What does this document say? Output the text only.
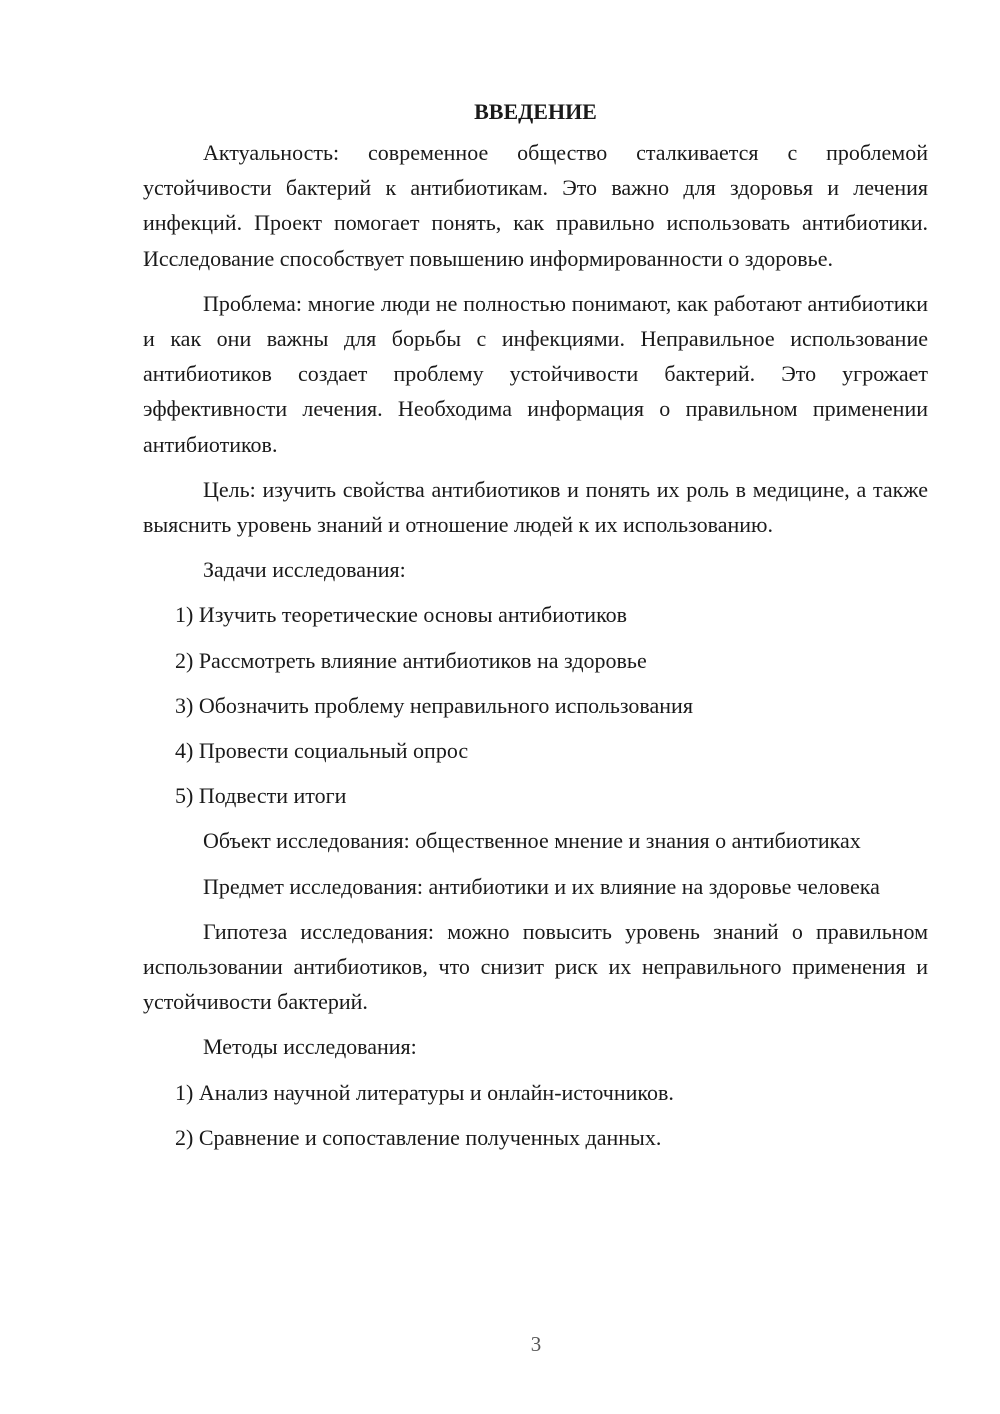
ВВЕДЕНИЕ

Актуальность: современное общество сталкивается с проблемой устойчивости бактерий к антибиотикам. Это важно для здоровья и лечения инфекций. Проект помогает понять, как правильно использовать антибиотики. Исследование способствует повышению информированности о здоровье.

Проблема: многие люди не полностью понимают, как работают антибиотики и как они важны для борьбы с инфекциями. Неправильное использование антибиотиков создает проблему устойчивости бактерий. Это угрожает эффективности лечения. Необходима информация о правильном применении антибиотиков.

Цель: изучить свойства антибиотиков и понять их роль в медицине, а также выяснить уровень знаний и отношение людей к их использованию.

Задачи исследования:

1) Изучить теоретические основы антибиотиков
2) Рассмотреть влияние антибиотиков на здоровье
3) Обозначить проблему неправильного использования
4) Провести социальный опрос
5) Подвести итоги

Объект исследования: общественное мнение и знания о антибиотиках

Предмет исследования: антибиотики и их влияние на здоровье человека

Гипотеза исследования: можно повысить уровень знаний о правильном использовании антибиотиков, что снизит риск их неправильного применения и устойчивости бактерий.

Методы исследования:

1) Анализ научной литературы и онлайн-источников.
2) Сравнение и сопоставление полученных данных.
3
